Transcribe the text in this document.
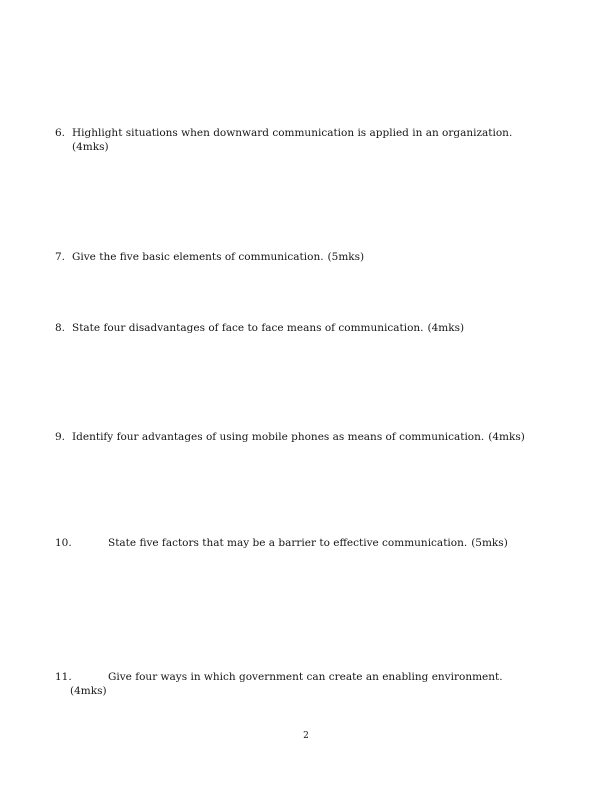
6. Highlight situations when downward communication is applied in an organization.
(4mks)
7. Give the five basic elements of communication. (5mks)
8. State four disadvantages of face to face means of communication. (4mks)
9. Identify four advantages of using mobile phones as means of communication. (4mks)
10.	State five factors that may be a barrier to effective communication. (5mks)
11.	Give four ways in which government can create an enabling environment.
(4mks)
2
